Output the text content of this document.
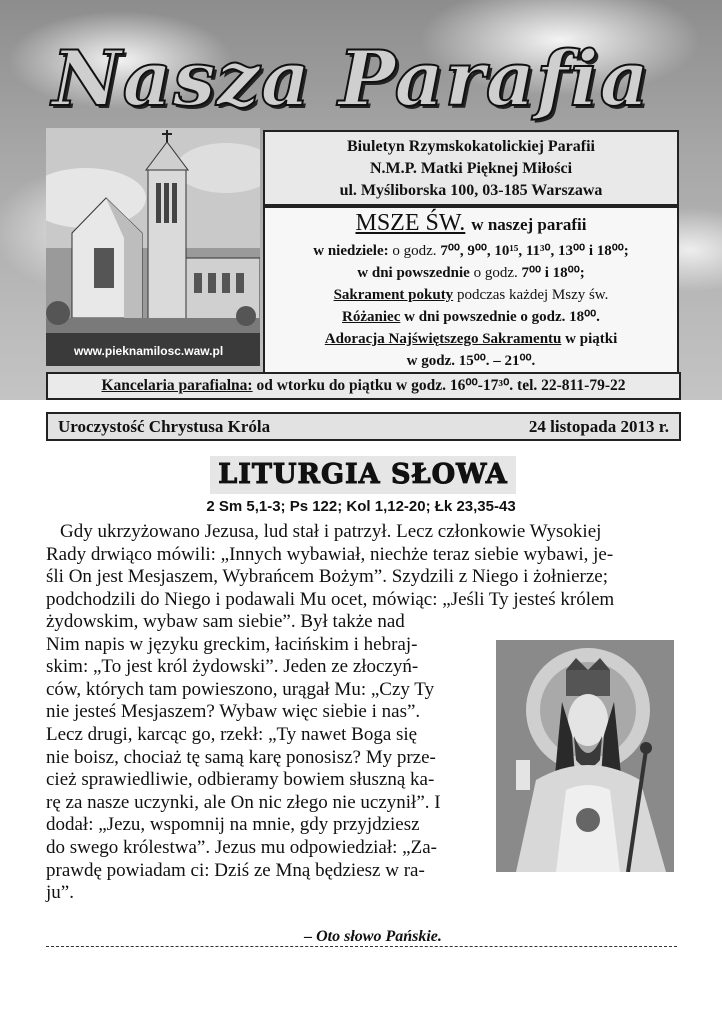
Nasza Parafia
www.pieknamilosc.waw.pl
Biuletyn Rzymskokatolickiej Parafii
N.M.P. Matki Pięknej Miłości
ul. Myśliborska 100, 03-185 Warszawa
MSZE ŚW. w naszej parafii
w niedziele: o godz. 7⁰⁰, 9⁰⁰, 10¹⁵, 11³⁰, 13⁰⁰ i 18⁰⁰;
w dni powszednie o godz. 7⁰⁰ i 18⁰⁰;
Sakrament pokuty podczas każdej Mszy św.
Różaniec w dni powszednie o godz. 18⁰⁰.
Adoracja Najświętszego Sakramentu w piątki
w godz. 15⁰⁰. – 21⁰⁰.
Kancelaria parafialna: od wtorku do piątku w godz. 16⁰⁰-17³⁰. tel. 22-811-79-22
Uroczystość Chrystusa Króla	24 listopada 2013 r.
LITURGIA SŁOWA
2 Sm 5,1-3; Ps 122; Kol 1,12-20; Łk 23,35-43
Gdy ukrzyżowano Jezusa, lud stał i patrzył. Lecz członkowie Wysokiej
Rady drwiąco mówili: „Innych wybawiał, niechże teraz siebie wybawi, je-
śli On jest Mesjaszem, Wybrańcem Bożym”. Szydzili z Niego i żołnierze;
podchodzili do Niego i podawali Mu ocet, mówiąc: „Jeśli Ty jesteś królem
żydowskim, wybaw sam siebie”. Był także nad
Nim napis w języku greckim, łacińskim i hebraj-
skim: „To jest król żydowski”. Jeden ze złoczyń-
ców, których tam powieszono, urągał Mu: „Czy Ty
nie jesteś Mesjaszem? Wybaw więc siebie i nas”.
Lecz drugi, karcąc go, rzekł: „Ty nawet Boga się
nie boisz, chociaż tę samą karę ponosisz? My prze-
cież sprawiedliwie, odbieramy bowiem słuszną ka-
rę za nasze uczynki, ale On nic złego nie uczynił”. I
dodał: „Jezu, wspomnij na mnie, gdy przyjdziesz
do swego królestwa”. Jezus mu odpowiedział: „Za-
prawdę powiadam ci: Dziś ze Mną będziesz w ra-
ju”.
– Oto słowo Pańskie.
